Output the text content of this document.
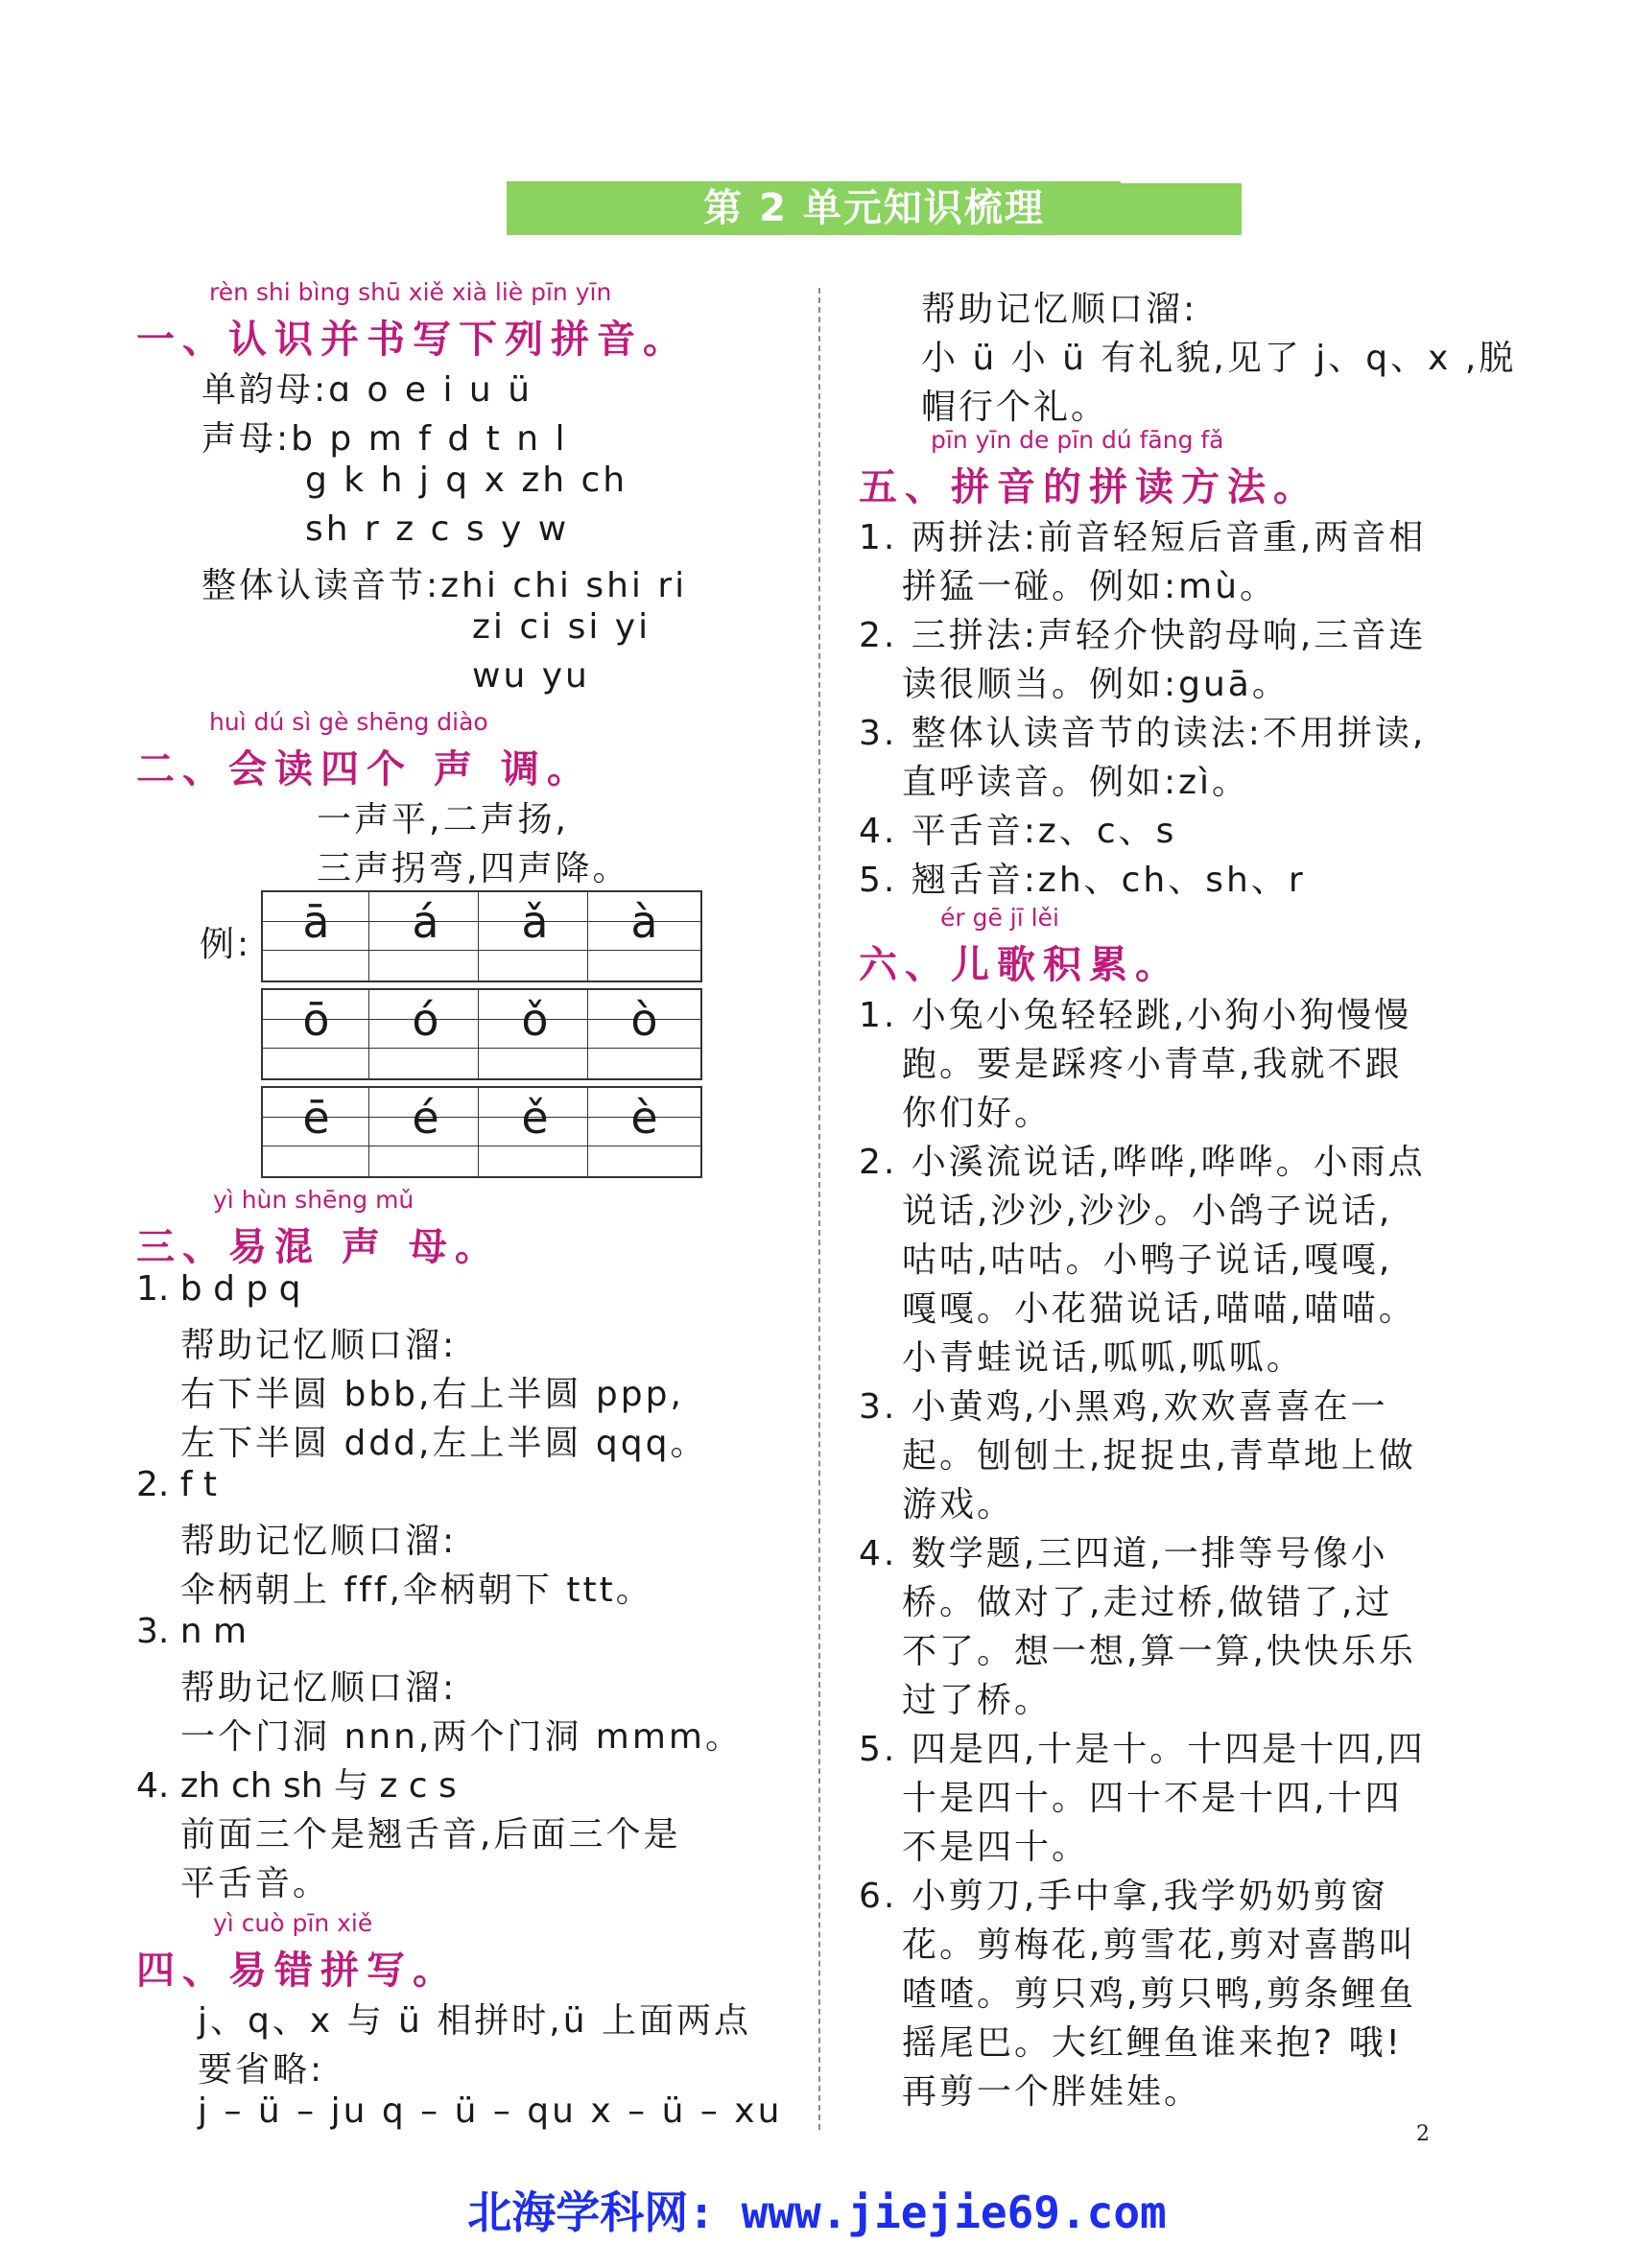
第 2 单元知识梳理
rèn shi bìng shū xiě xià liè pīn yīn
一、认识并书写下列拼音。
单韵母:ɑ o e i u ü
声母:b p m f d t n l
g k h j q x zh ch
sh r z c s y w
整体认读音节:zhi chi shi ri
zi ci si yi
wu yu
huì dú sì gè shēng diào
二、会读四个 声 调。
一声平,二声扬,
三声拐弯,四声降。
例:	ā	á	ǎ	à
ō	ó	ǒ	ò
ē	é	ě	è
yì hùn shēng mǔ
三、易混 声 母。
1. b d p q
帮助记忆顺口溜:
右下半圆 bbb,右上半圆 ppp,
左下半圆 ddd,左上半圆 qqq。
2. f t
帮助记忆顺口溜:
伞柄朝上 fff,伞柄朝下 ttt。
3. n m
帮助记忆顺口溜:
一个门洞 nnn,两个门洞 mmm。
4. zh ch sh 与 z c s
前面三个是翘舌音,后面三个是
平舌音。
yì cuò pīn xiě
四、易错拼写。
j、q、x 与 ü 相拼时,ü 上面两点
要省略:
j – ü – ju q – ü – qu x – ü – xu
帮助记忆顺口溜:
小 ü 小 ü 有礼貌,见了 j、q、x ,脱
帽行个礼。
pīn yīn de pīn dú fāng fǎ
五、拼音的拼读方法。
1. 两拼法:前音轻短后音重,两音相
拼猛一碰。例如:mù。
2. 三拼法:声轻介快韵母响,三音连
读很顺当。例如:guā。
3. 整体认读音节的读法:不用拼读,
直呼读音。例如:zì。
4. 平舌音:z、c、s
5. 翘舌音:zh、ch、sh、r
ér gē jī lěi
六、儿歌积累。
1. 小兔小兔轻轻跳,小狗小狗慢慢
跑。要是踩疼小青草,我就不跟
你们好。
2. 小溪流说话,哗哗,哗哗。小雨点
说话,沙沙,沙沙。小鸽子说话,
咕咕,咕咕。小鸭子说话,嘎嘎,
嘎嘎。小花猫说话,喵喵,喵喵。
小青蛙说话,呱呱,呱呱。
3. 小黄鸡,小黑鸡,欢欢喜喜在一
起。刨刨土,捉捉虫,青草地上做
游戏。
4. 数学题,三四道,一排等号像小
桥。做对了,走过桥,做错了,过
不了。想一想,算一算,快快乐乐
过了桥。
5. 四是四,十是十。十四是十四,四
十是四十。四十不是十四,十四
不是四十。
6. 小剪刀,手中拿,我学奶奶剪窗
花。剪梅花,剪雪花,剪对喜鹊叫
喳喳。剪只鸡,剪只鸭,剪条鲤鱼
摇尾巴。大红鲤鱼谁来抱? 哦!
再剪一个胖娃娃。
2
北海学科网: www.jiejie69.com
